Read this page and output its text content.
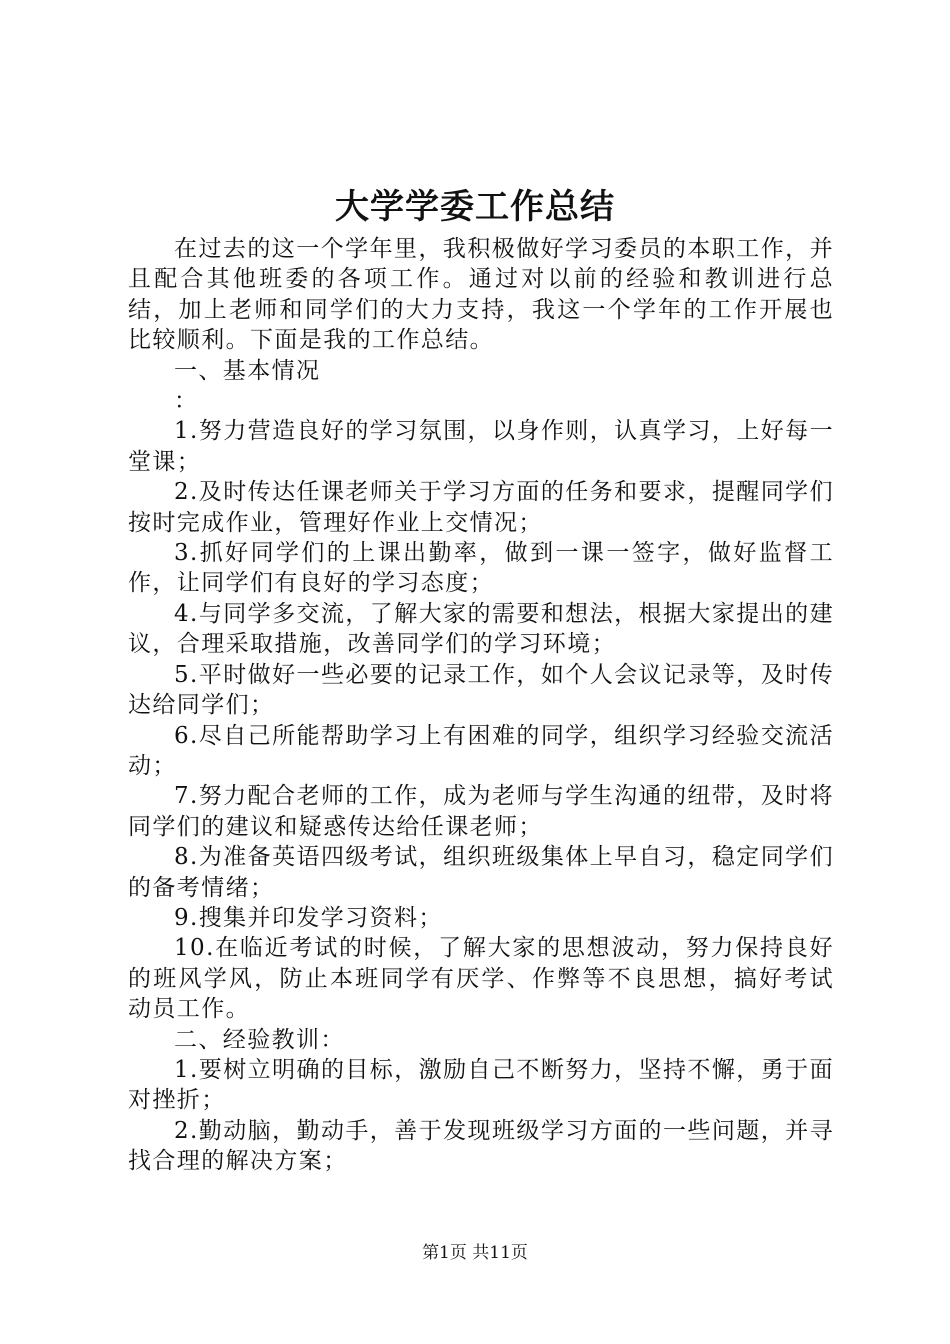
大学学委工作总结

在过去的这一个学年里，我积极做好学习委员的本职工作，并且配合其他班委的各项工作。通过对以前的经验和教训进行总结，加上老师和同学们的大力支持，我这一个学年的工作开展也比较顺利。下面是我的工作总结。

一、基本情况

：

1.努力营造良好的学习氛围，以身作则，认真学习，上好每一堂课；

2.及时传达任课老师关于学习方面的任务和要求，提醒同学们按时完成作业，管理好作业上交情况；

3.抓好同学们的上课出勤率，做到一课一签字，做好监督工作，让同学们有良好的学习态度；

4.与同学多交流，了解大家的需要和想法，根据大家提出的建议，合理采取措施，改善同学们的学习环境；

5.平时做好一些必要的记录工作，如个人会议记录等，及时传达给同学们；

6.尽自己所能帮助学习上有困难的同学，组织学习经验交流活动；

7.努力配合老师的工作，成为老师与学生沟通的纽带，及时将同学们的建议和疑惑传达给任课老师；

8.为准备英语四级考试，组织班级集体上早自习，稳定同学们的备考情绪；

9.搜集并印发学习资料；

10.在临近考试的时候，了解大家的思想波动，努力保持良好的班风学风，防止本班同学有厌学、作弊等不良思想，搞好考试动员工作。

二、经验教训：

1.要树立明确的目标，激励自己不断努力，坚持不懈，勇于面对挫折；

2.勤动脑，勤动手，善于发现班级学习方面的一些问题，并寻找合理的解决方案；

第1页 共11页
